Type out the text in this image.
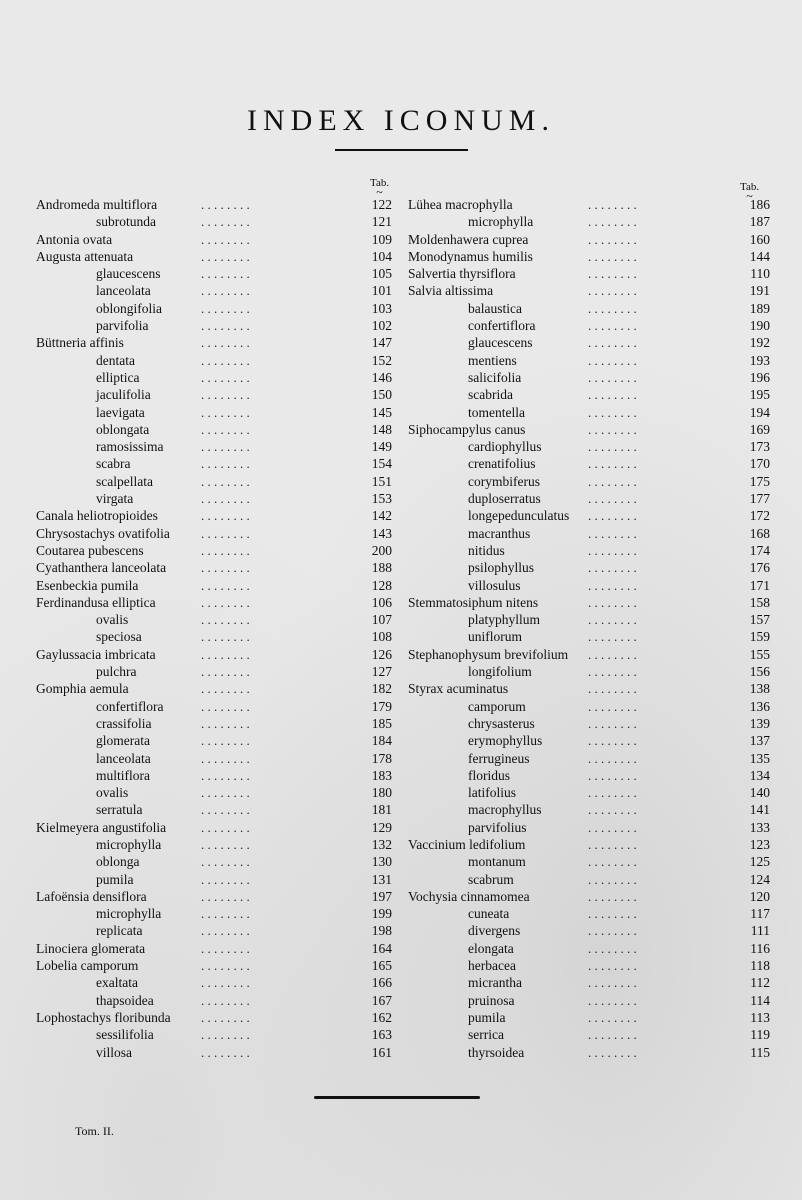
INDEX ICONUM.
Tab.
~	Tab.
~
Andromeda multiflora	. . . . . . . .	122
subrotunda	. . . . . . . .	121
Antonia ovata	. . . . . . . .	109
Augusta attenuata	. . . . . . . .	104
glaucescens	. . . . . . . .	105
lanceolata	. . . . . . . .	101
oblongifolia	. . . . . . . .	103
parvifolia	. . . . . . . .	102
Büttneria affinis	. . . . . . . .	147
dentata	. . . . . . . .	152
elliptica	. . . . . . . .	146
jaculifolia	. . . . . . . .	150
laevigata	. . . . . . . .	145
oblongata	. . . . . . . .	148
ramosissima	. . . . . . . .	149
scabra	. . . . . . . .	154
scalpellata	. . . . . . . .	151
virgata	. . . . . . . .	153
Canala heliotropioides	. . . . . . . .	142
Chrysostachys ovatifolia . . . . . . . .	143
Coutarea pubescens	. . . . . . . .	200
Cyathanthera lanceolata	. . . . . . . .	188
Esenbeckia pumila	. . . . . . . .	128
Ferdinandusa elliptica	. . . . . . . .	106
ovalis	. . . . . . . .	107
speciosa	. . . . . . . .	108
Gaylussacia imbricata	. . . . . . . .	126
pulchra	. . . . . . . .	127
Gomphia aemula	. . . . . . . .	182
confertiflora	. . . . . . . .	179
crassifolia	. . . . . . . .	185
glomerata	. . . . . . . .	184
lanceolata	. . . . . . . .	178
multiflora	. . . . . . . .	183
ovalis	. . . . . . . .	180
serratula	. . . . . . . .	181
Kielmeyera angustifolia	. . . . . . . .	129
microphylla	. . . . . . . .	132
oblonga	. . . . . . . .	130
pumila	. . . . . . . .	131
Lafoënsia densiflora	. . . . . . . .	197
microphylla	. . . . . . . .	199
replicata	. . . . . . . .	198
Linociera glomerata	. . . . . . . .	164
Lobelia camporum	. . . . . . . .	165
exaltata	. . . . . . . .	166
thapsoidea	. . . . . . . .	167
Lophostachys floribunda . . . . . . . .	162
sessilifolia	. . . . . . . .	163
villosa	. . . . . . . .	161
Lühea macrophylla	. . . . . . . .	186
microphylla	. . . . . . . .	187
Moldenhawera cuprea	. . . . . . . .	160
Monodynamus humilis	. . . . . . . .	144
Salvertia thyrsiflora	. . . . . . . .	110
Salvia altissima	. . . . . . . .	191
balaustica	. . . . . . . .	189
confertiflora	. . . . . . . .	190
glaucescens	. . . . . . . .	192
mentiens	. . . . . . . .	193
salicifolia	. . . . . . . .	196
scabrida	. . . . . . . .	195
tomentella	. . . . . . . .	194
Siphocampylus canus	. . . . . . . .	169
cardiophyllus	. . . . . . . .	173
crenatifolius	. . . . . . . .	170
corymbiferus	. . . . . . . .	175
duploserratus	. . . . . . . .	177
longepedunculatus . . . . . . . .	172
macranthus	. . . . . . . .	168
nitidus	. . . . . . . .	174
psilophyllus	. . . . . . . .	176
villosulus	. . . . . . . .	171
Stemmatosiphum nitens	. . . . . . . .	158
platyphyllum	. . . . . . . .	157
uniflorum	. . . . . . . .	159
Stephanophysum brevifolium . . . . . . . .	155
longifolium	. . . . . . . .	156
Styrax acuminatus	. . . . . . . .	138
camporum	. . . . . . . .	136
chrysasterus	. . . . . . . .	139
erymophyllus	. . . . . . . .	137
ferrugineus	. . . . . . . .	135
floridus	. . . . . . . .	134
latifolius	. . . . . . . .	140
macrophyllus	. . . . . . . .	141
parvifolius	. . . . . . . .	133
Vaccinium ledifolium	. . . . . . . .	123
montanum	. . . . . . . .	125
scabrum	. . . . . . . .	124
Vochysia cinnamomea	. . . . . . . .	120
cuneata	. . . . . . . .	117
divergens	. . . . . . . .	111
elongata	. . . . . . . .	116
herbacea	. . . . . . . .	118
micrantha	. . . . . . . .	112
pruinosa	. . . . . . . .	114
pumila	. . . . . . . .	113
serrica	. . . . . . . .	119
thyrsoidea	. . . . . . . .	115
Tom. II.
